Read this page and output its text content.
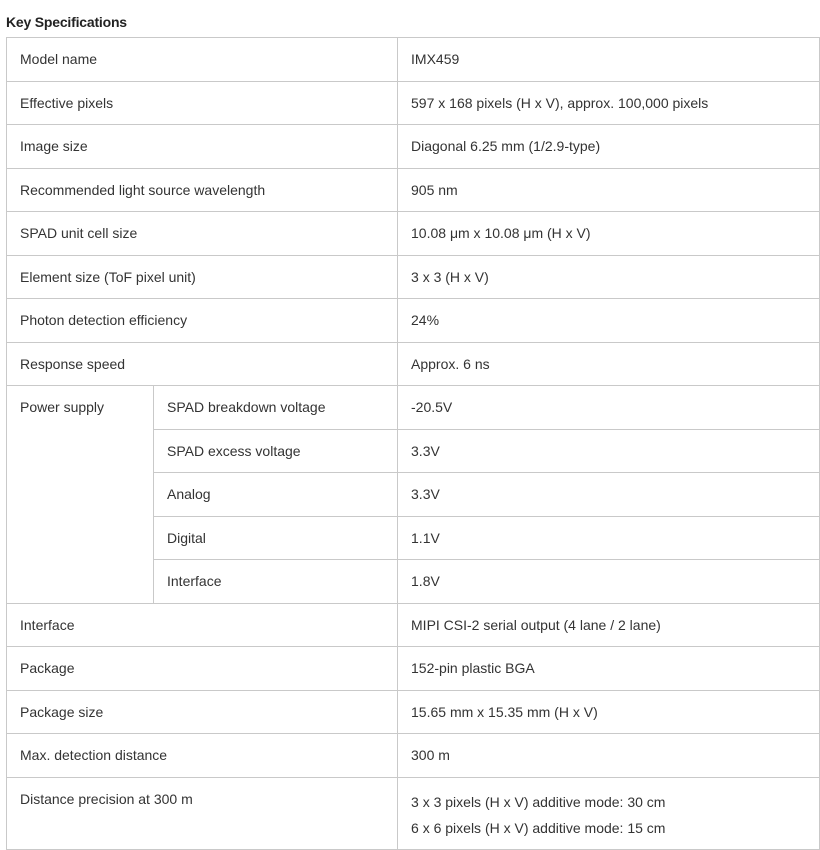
Key Specifications
Model name		IMX459
Effective pixels		597 x 168 pixels (H x V), approx. 100,000 pixels
Image size		Diagonal 6.25 mm (1/2.9-type)
Recommended light source wavelength		905 nm
SPAD unit cell size		10.08 μm x 10.08 μm (H x V)
Element size (ToF pixel unit)		3 x 3 (H x V)
Photon detection efficiency		24%
Response speed		Approx. 6 ns
Power supply	SPAD breakdown voltage	-20.5V
	SPAD excess voltage	3.3V
	Analog	3.3V
	Digital	1.1V
	Interface	1.8V
Interface		MIPI CSI-2 serial output (4 lane / 2 lane)
Package		152-pin plastic BGA
Package size		15.65 mm x 15.35 mm (H x V)
Max. detection distance		300 m
Distance precision at 300 m		3 x 3 pixels (H x V) additive mode: 30 cm
6 x 6 pixels (H x V) additive mode: 15 cm
